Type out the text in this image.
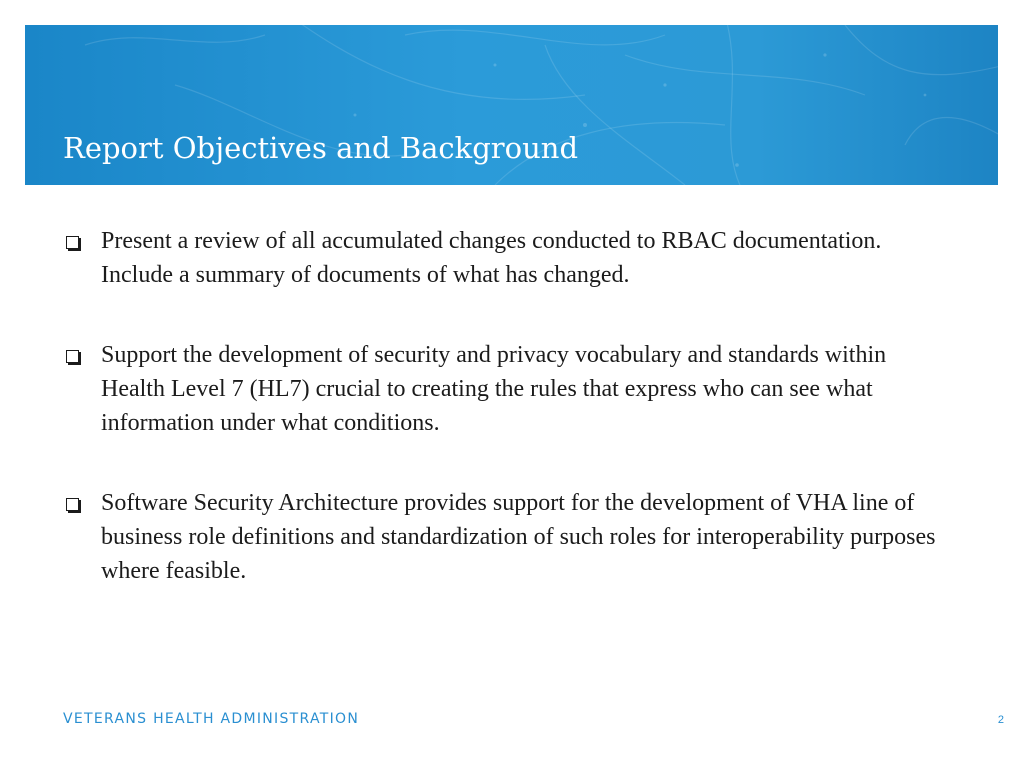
Report Objectives and Background
Present a review of all accumulated changes conducted to RBAC documentation. Include a summary of documents of what has changed.
Support the development of security and privacy vocabulary and standards within Health Level 7 (HL7) crucial to creating the rules that express who can see what information under what conditions.
Software Security Architecture provides support for the development of VHA line of business role definitions and standardization of such roles for interoperability purposes where feasible.
VETERANS HEALTH ADMINISTRATION	2
